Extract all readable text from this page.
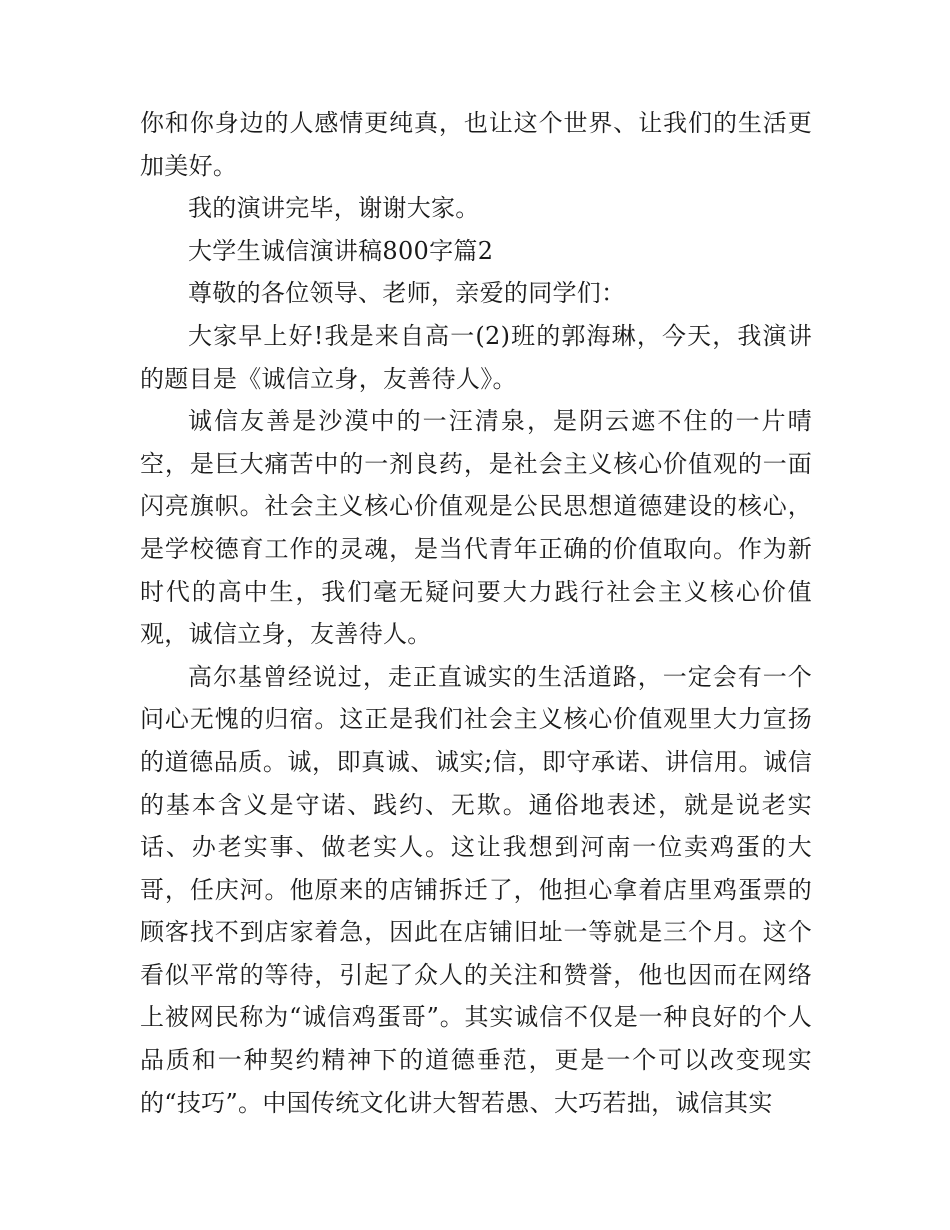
你和你身边的人感情更纯真，也让这个世界、让我们的生活更加美好。

我的演讲完毕，谢谢大家。

大学生诚信演讲稿800字篇2

尊敬的各位领导、老师，亲爱的同学们：

大家早上好!我是来自高一(2)班的郭海琳，今天，我演讲的题目是《诚信立身，友善待人》。

诚信友善是沙漠中的一汪清泉，是阴云遮不住的一片晴空，是巨大痛苦中的一剂良药，是社会主义核心价值观的一面闪亮旗帜。社会主义核心价值观是公民思想道德建设的核心，是学校德育工作的灵魂，是当代青年正确的价值取向。作为新时代的高中生，我们毫无疑问要大力践行社会主义核心价值观，诚信立身，友善待人。

高尔基曾经说过，走正直诚实的生活道路，一定会有一个问心无愧的归宿。这正是我们社会主义核心价值观里大力宣扬的道德品质。诚，即真诚、诚实;信，即守承诺、讲信用。诚信的基本含义是守诺、践约、无欺。通俗地表述，就是说老实话、办老实事、做老实人。这让我想到河南一位卖鸡蛋的大哥，任庆河。他原来的店铺拆迁了，他担心拿着店里鸡蛋票的顾客找不到店家着急，因此在店铺旧址一等就是三个月。这个看似平常的等待，引起了众人的关注和赞誉，他也因而在网络上被网民称为“诚信鸡蛋哥”。其实诚信不仅是一种良好的个人品质和一种契约精神下的道德垂范，更是一个可以改变现实的“技巧”。中国传统文化讲大智若愚、大巧若拙，诚信其实
